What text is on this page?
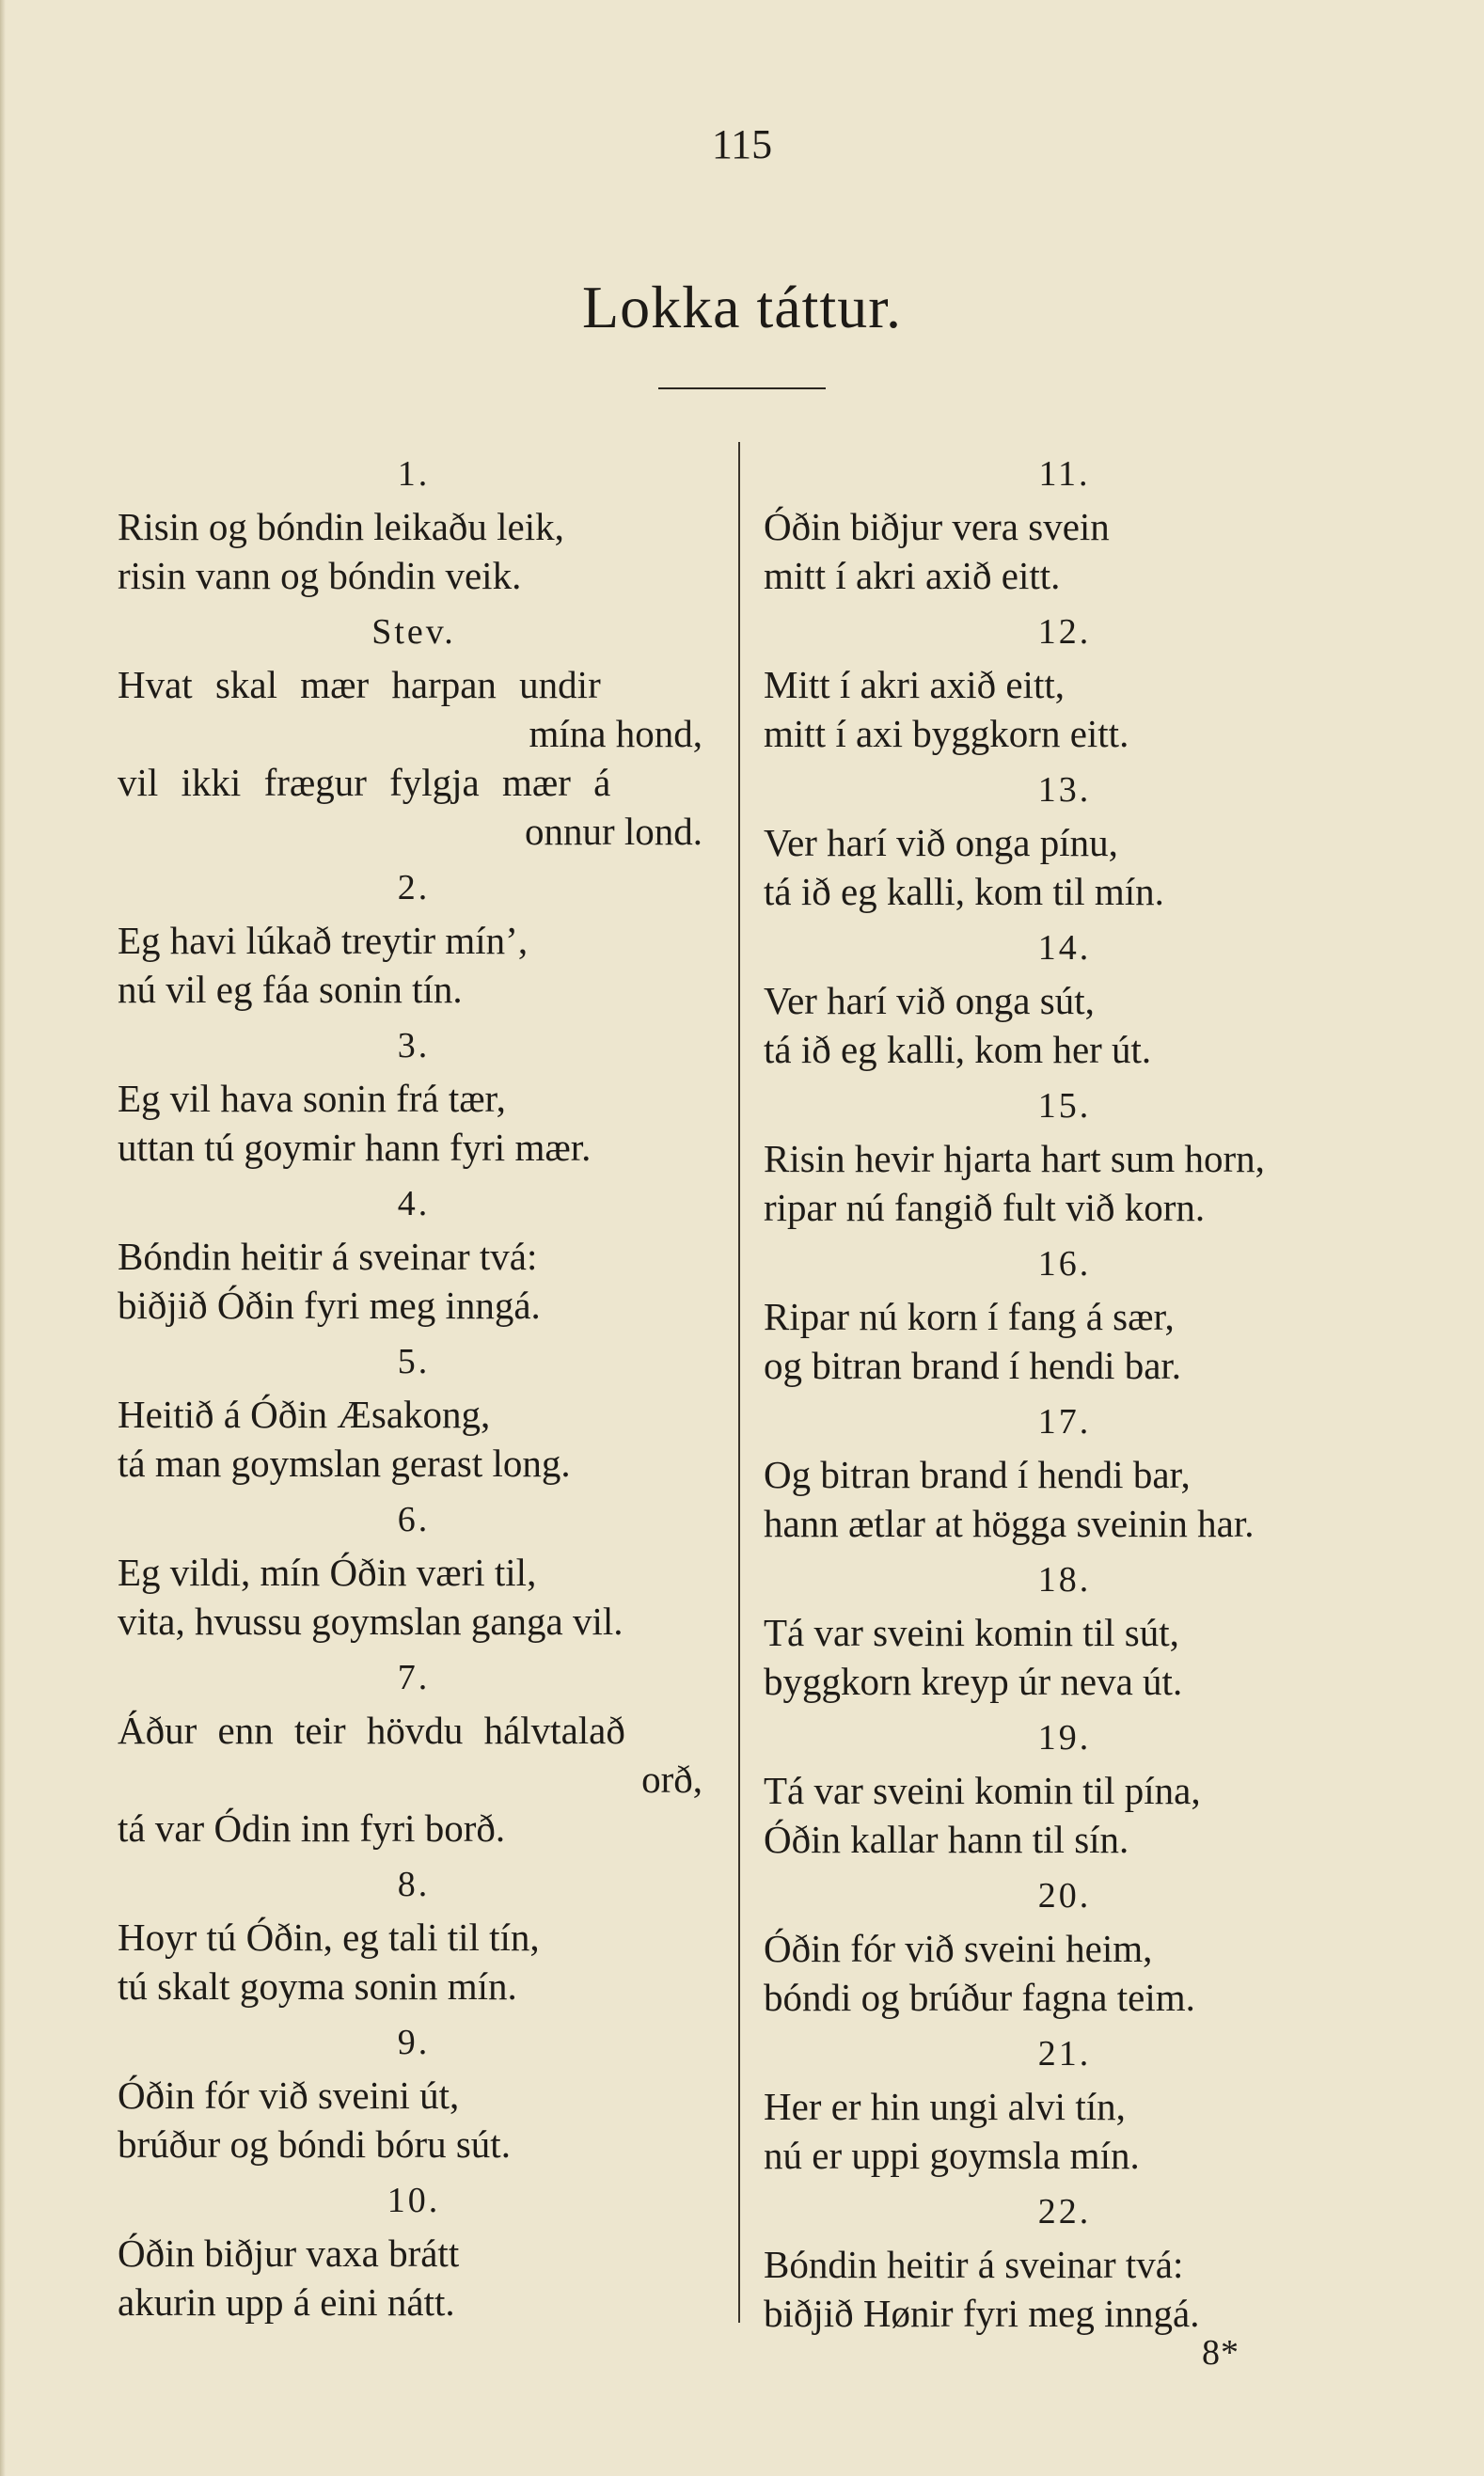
115
Lokka táttur.
1.
Risin og bóndin leikaðu leik,
risin vann og bóndin veik.
Stev.
Hvat skal mær harpan undir
mína hond,
vil ikki frægur fylgja mær á
onnur lond.
2.
Eg havi lúkað treytir mín’,
nú vil eg fáa sonin tín.
3.
Eg vil hava sonin frá tær,
uttan tú goymir hann fyri mær.
4.
Bóndin heitir á sveinar tvá:
biðjið Óðin fyri meg inngá.
5.
Heitið á Óðin Æsakong,
tá man goymslan gerast long.
6.
Eg vildi, mín Óðin væri til,
vita, hvussu goymslan ganga vil.
7.
Áður enn teir hövdu hálvtalað
orð,
tá var Ódin inn fyri borð.
8.
Hoyr tú Óðin, eg tali til tín,
tú skalt goyma sonin mín.
9.
Óðin fór við sveini út,
brúður og bóndi bóru sút.
10.
Óðin biðjur vaxa brátt
akurin upp á eini nátt.
11.
Óðin biðjur vera svein
mitt í akri axið eitt.
12.
Mitt í akri axið eitt,
mitt í axi byggkorn eitt.
13.
Ver harí við onga pínu,
tá ið eg kalli, kom til mín.
14.
Ver harí við onga sút,
tá ið eg kalli, kom her út.
15.
Risin hevir hjarta hart sum horn,
ripar nú fangið fult við korn.
16.
Ripar nú korn í fang á sær,
og bitran brand í hendi bar.
17.
Og bitran brand í hendi bar,
hann ætlar at högga sveinin har.
18.
Tá var sveini komin til sút,
byggkorn kreyp úr neva út.
19.
Tá var sveini komin til pína,
Óðin kallar hann til sín.
20.
Óðin fór við sveini heim,
bóndi og brúður fagna teim.
21.
Her er hin ungi alvi tín,
nú er uppi goymsla mín.
22.
Bóndin heitir á sveinar tvá:
biðjið Hønir fyri meg inngá.
8*
